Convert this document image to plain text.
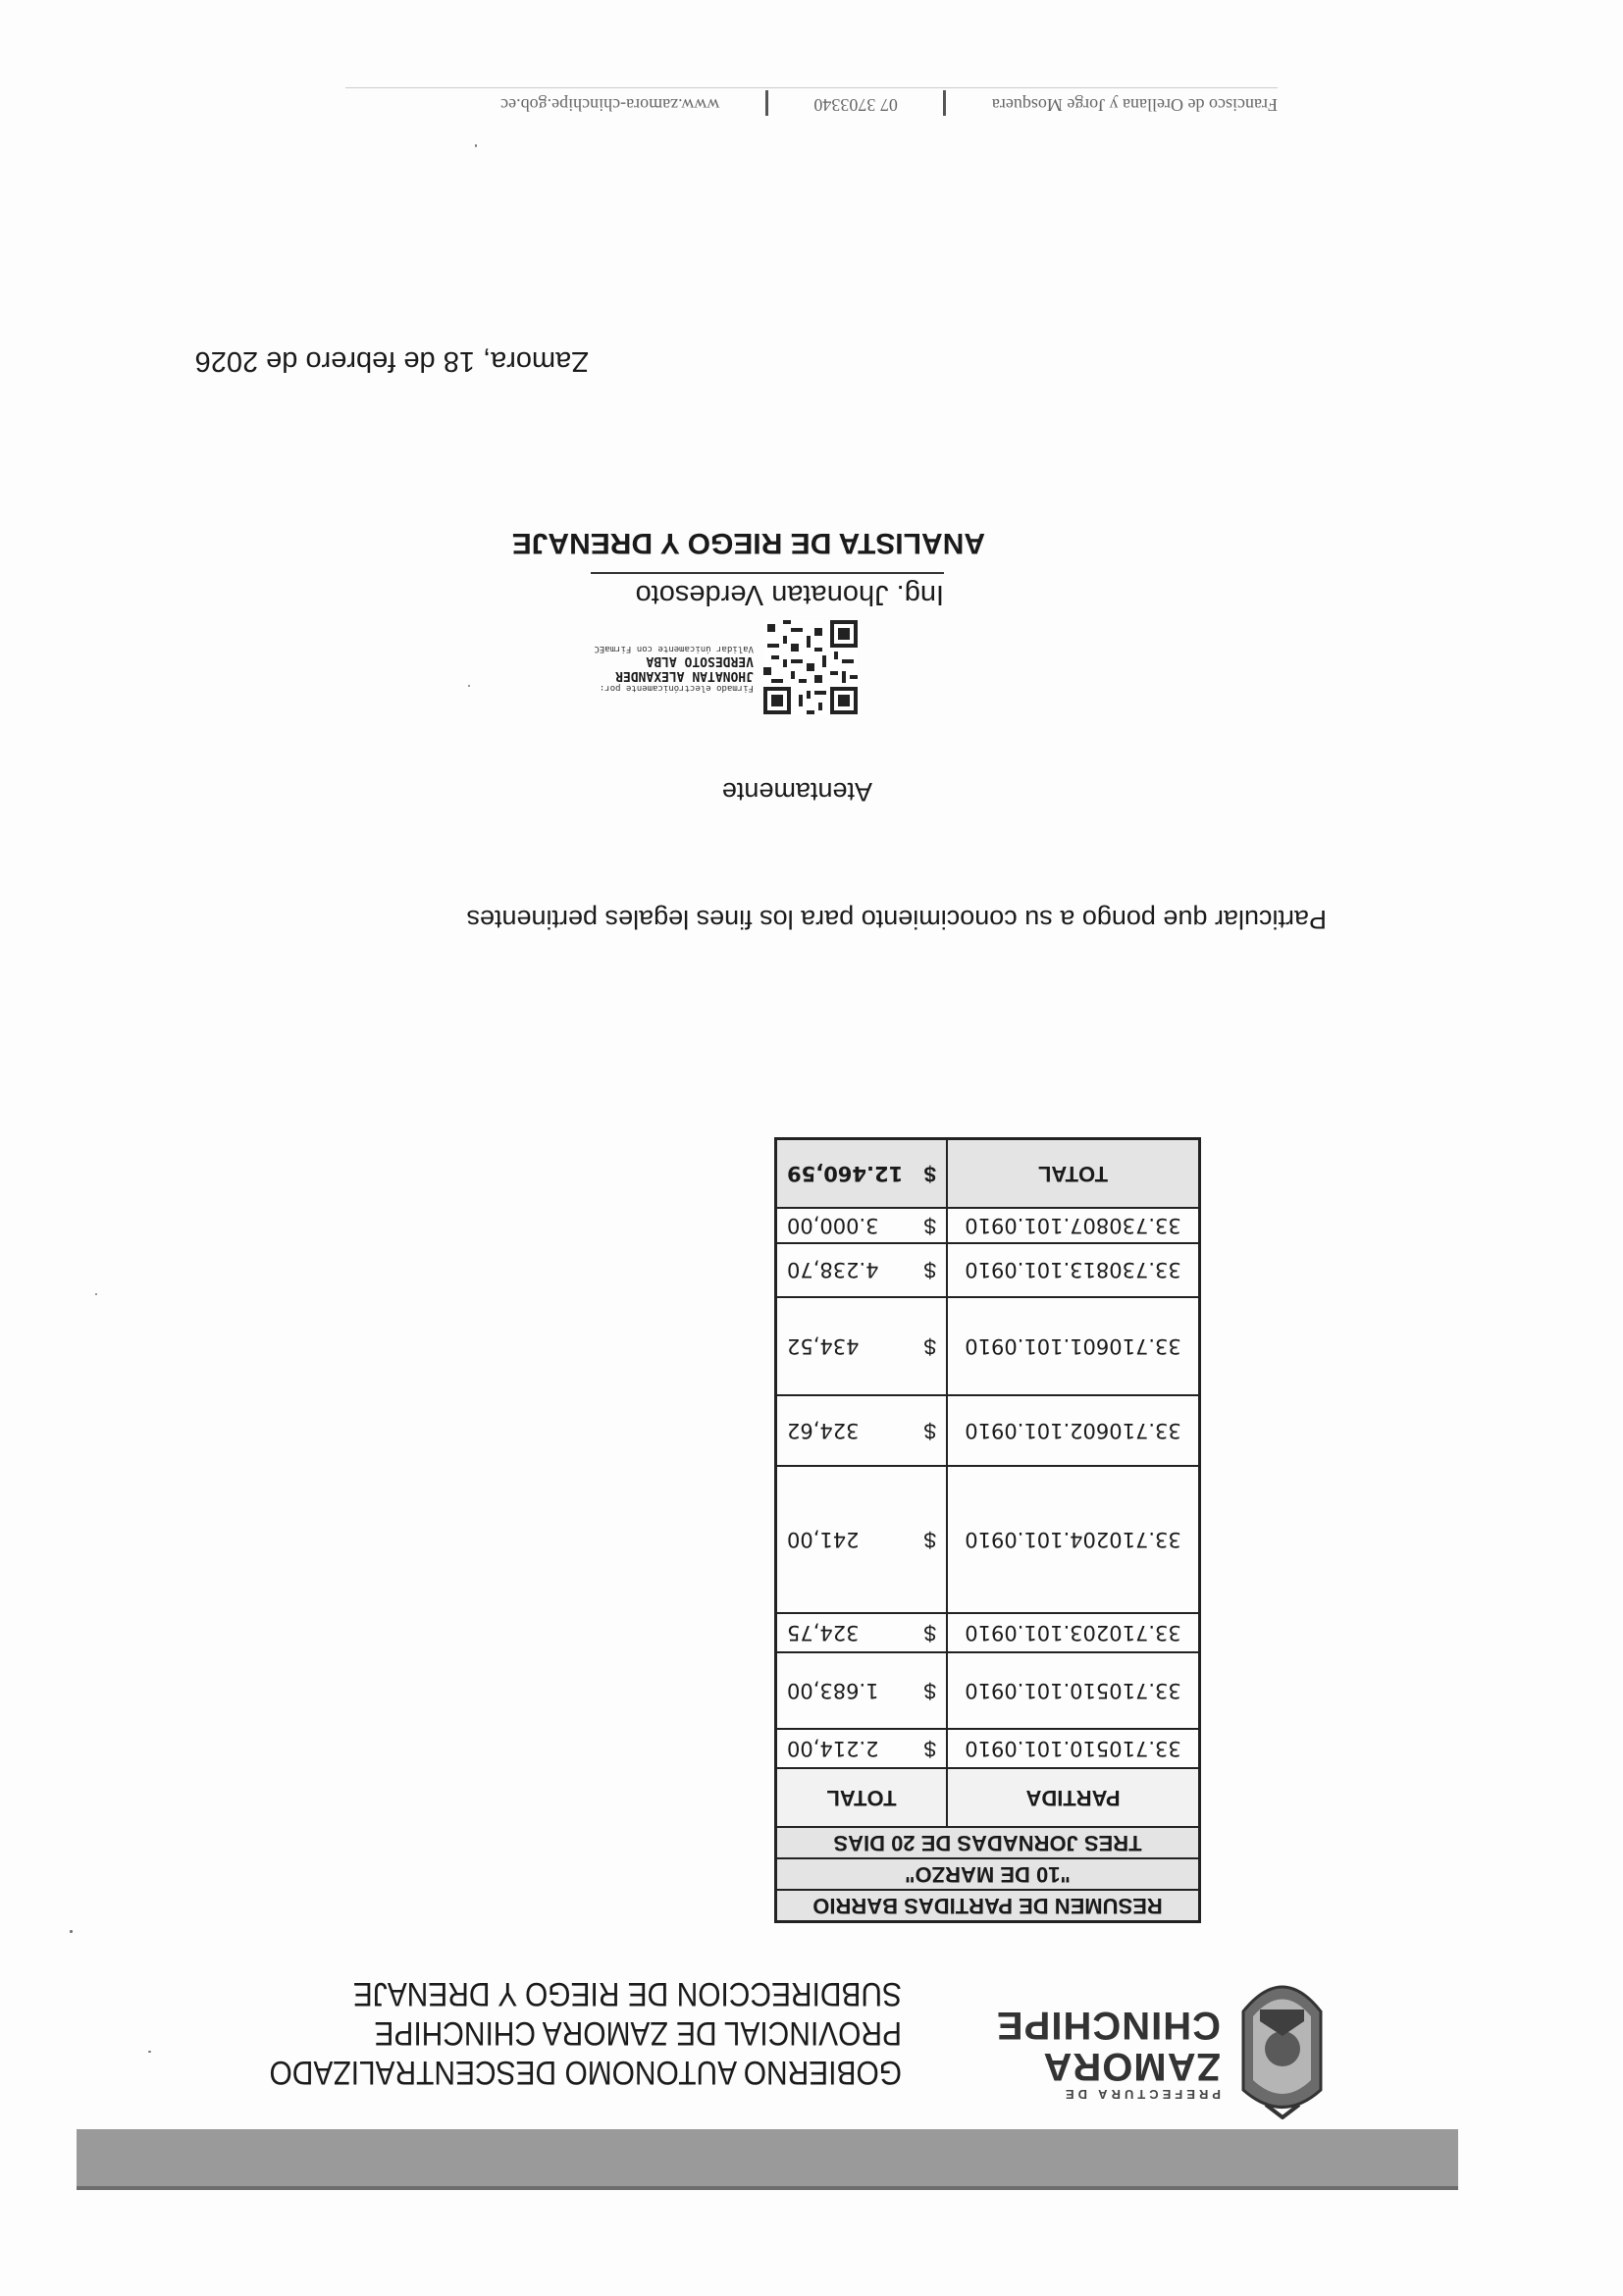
PREFECTURA DE
ZAMORA
CHINCHIPE
GOBIERNO AUTONOMO DESCENTRALIZADO
PROVINCIAL DE ZAMORA CHINCHIPE
SUBDIRECCION DE RIEGO Y DRENAJE
RESUMEN DE PARTIDAS BARRIO		
"10 DE MARZO"		
TRES JORNADAS DE 20 DIAS		
PARTIDA	TOTAL	
33.710510.101.0910	$	2.214,00
33.710510.101.0910	$	1.683,00
33.710203.101.0910	$	324,75
33.710204.101.0910	$	241,00
33.710602.101.0910	$	324,62
33.710601.101.0910	$	434,52
33.730813.101.0910	$	4.238,70
33.730807.101.0910	$	3.000,00
TOTAL	$	12.460,59
Particular que pongo a su conocimiento para los fines legales pertinentes
Atentamente
Firmado electrónicamente por:
JHONATAN ALEXANDER
VERDESOTO ALBA
Validar únicamente con FirmaEC
Ing. Jhonatan Verdesoto
ANALISTA DE RIEGO Y DRENAJE
Zamora, 18 de febrero de 2026
Francisco de Orellana y Jorge Mosquera  07 3703340  www.zamora-chinchipe.gob.ec
